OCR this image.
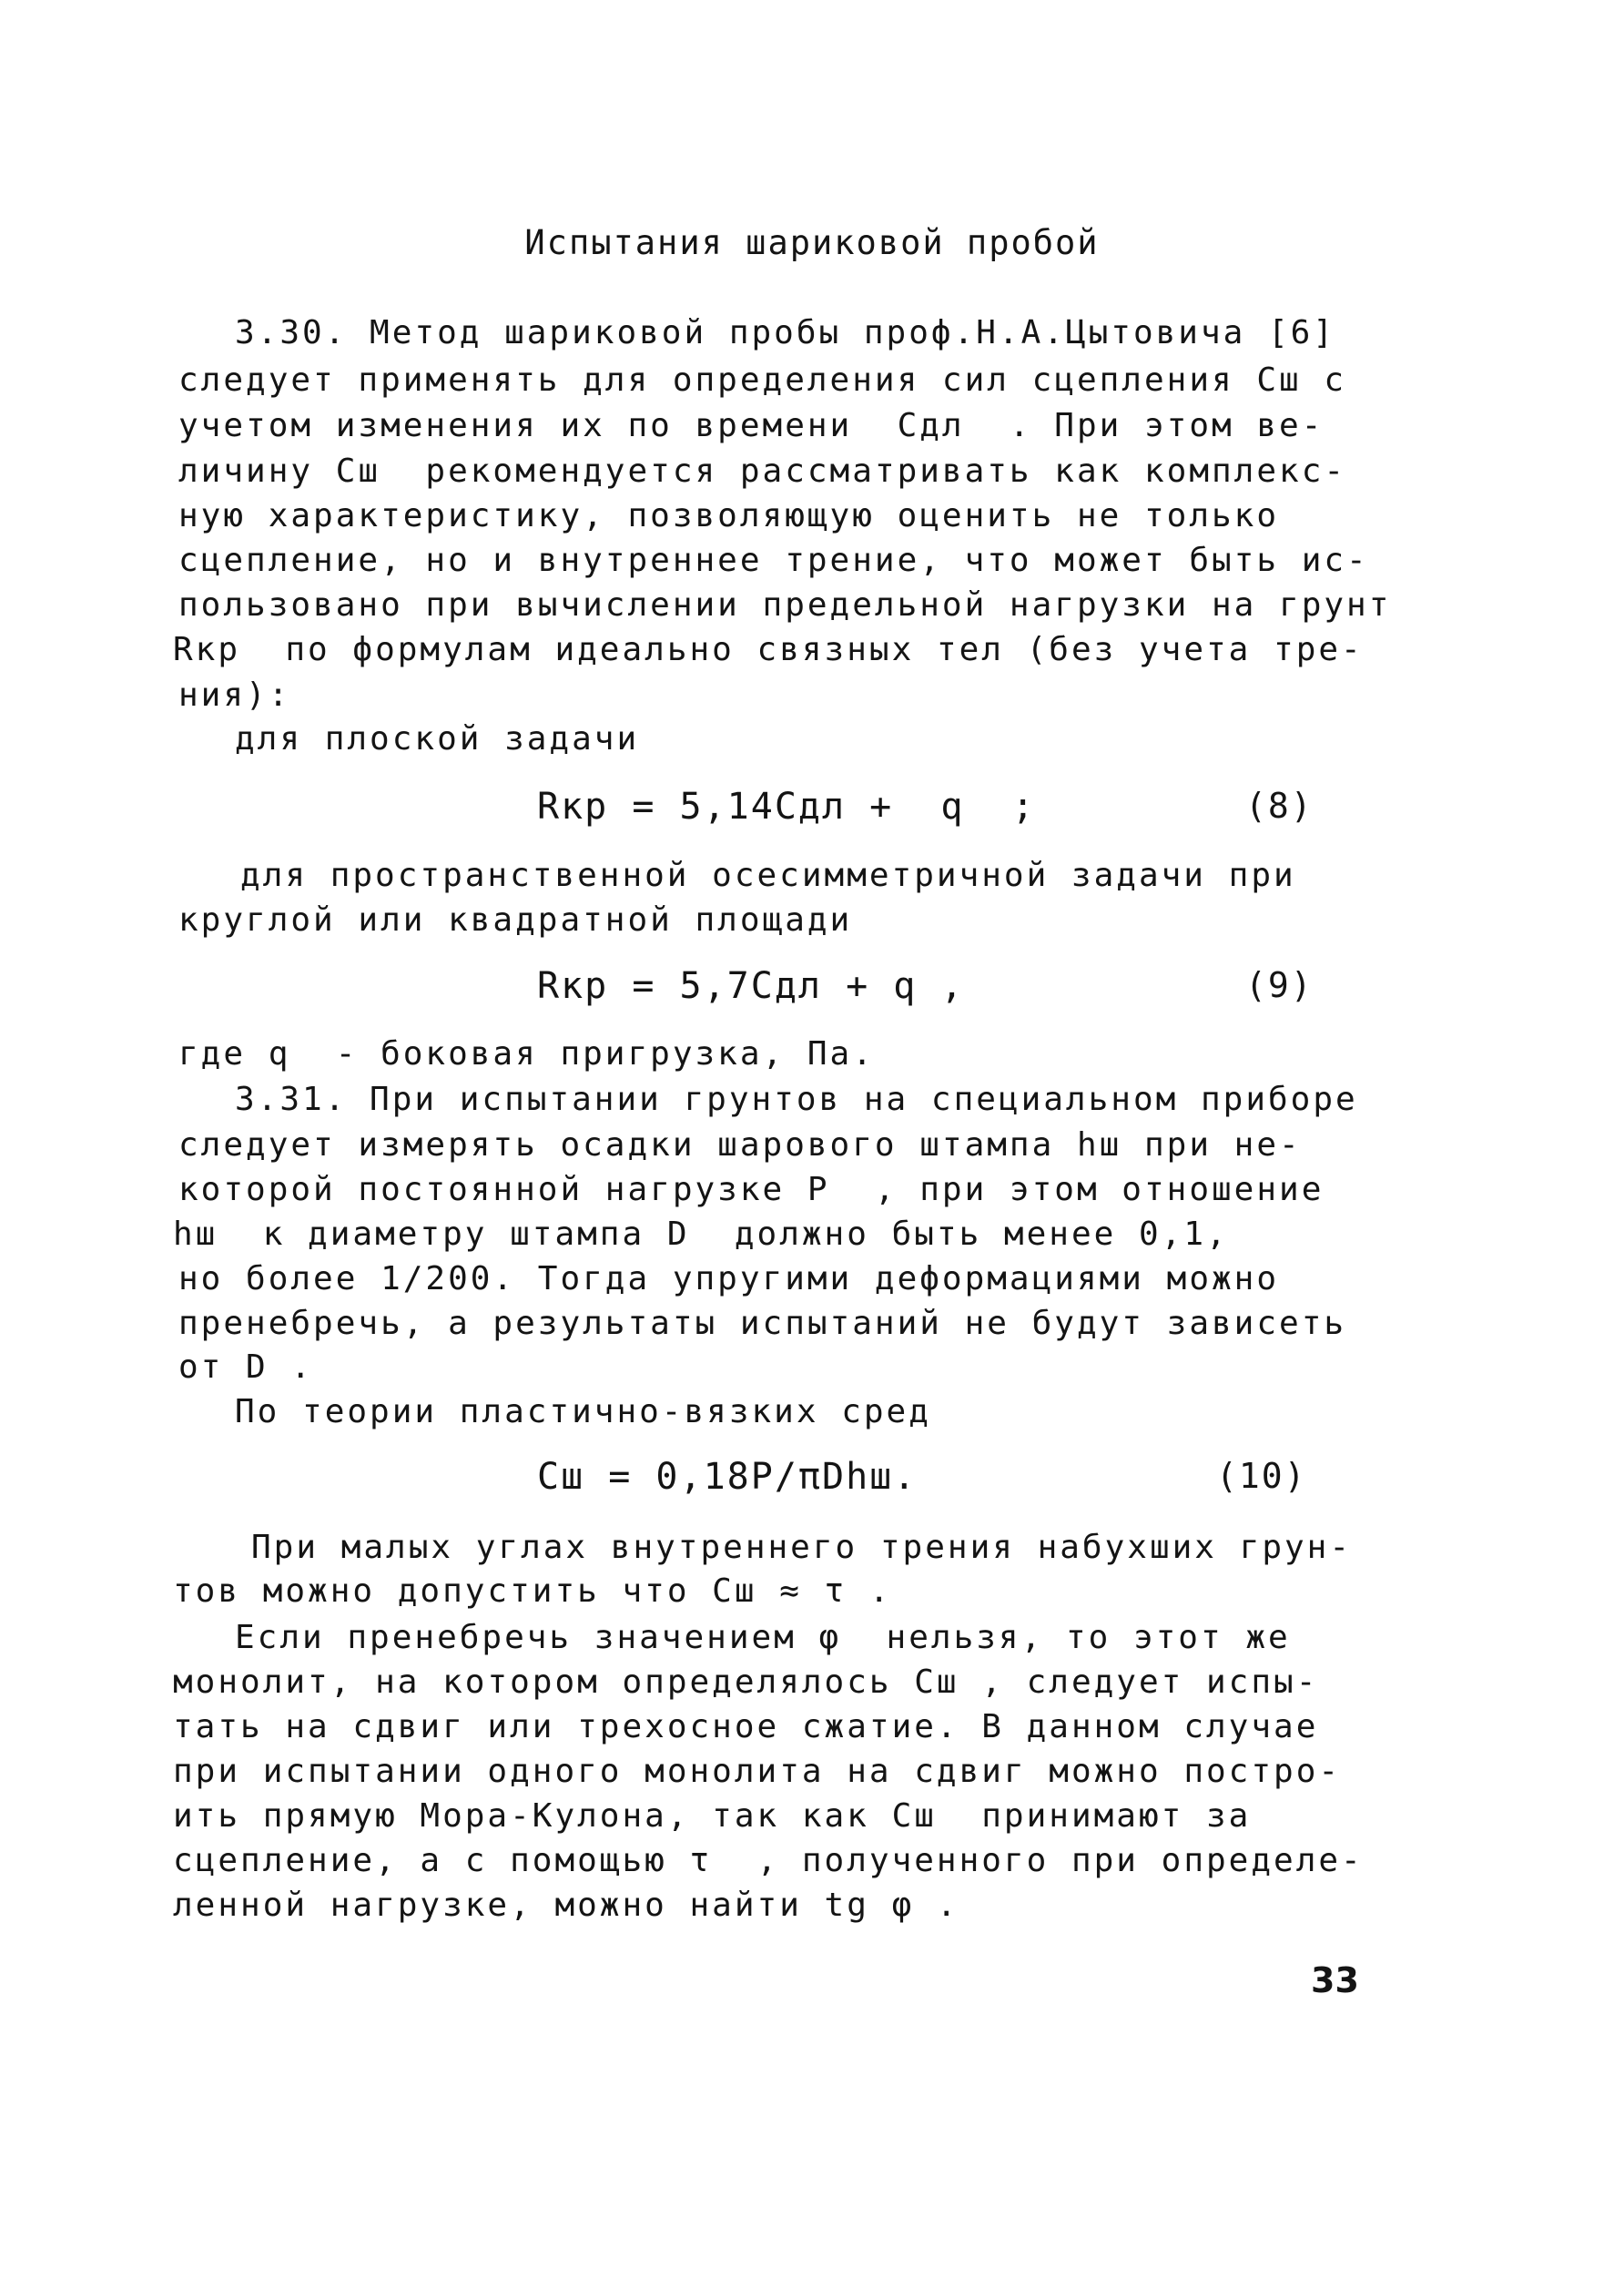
Испытания шариковой пробой
3.30. Метод шариковой пробы проф.Н.А.Цытовича [6]
следует применять для определения сил сцепления Cш с
учетом изменения их по времени  Cдл  . При этом ве-
личину Cш  рекомендуется рассматривать как комплекс-
ную характеристику, позволяющую оценить не только
сцепление, но и внутреннее трение, что может быть ис-
пользовано при вычислении предельной нагрузки на грунт
Rкр  по формулам идеально связных тел (без учета тре-
ния):
для плоской задачи
Rкр = 5,14Cдл +  q  ;	(8)
для пространственной осесимметричной задачи при
круглой или квадратной площади
Rкр = 5,7Cдл + q ,	(9)
где q  - боковая пригрузка, Па.
3.31. При испытании грунтов на специальном приборе
следует измерять осадки шарового штампа hш при не-
которой постоянной нагрузке P  , при этом отношение
hш  к диаметру штампа D  должно быть менее 0,1,
но более 1/200. Тогда упругими деформациями можно
пренебречь, а результаты испытаний не будут зависеть
от D .
По теории пластично-вязких сред
Cш = 0,18P/πDhш.	(10)
При малых углах внутреннего трения набухших грун-
тов можно допустить что Cш ≈ τ .
Если пренебречь значением φ  нельзя, то этот же
монолит, на котором определялось Cш , следует испы-
тать на сдвиг или трехосное сжатие. В данном случае
при испытании одного монолита на сдвиг можно постро-
ить прямую Мора-Кулона, так как Cш  принимают за
сцепление, а с помощью τ  , полученного при определе-
ленной нагрузке, можно найти tg φ .
33
